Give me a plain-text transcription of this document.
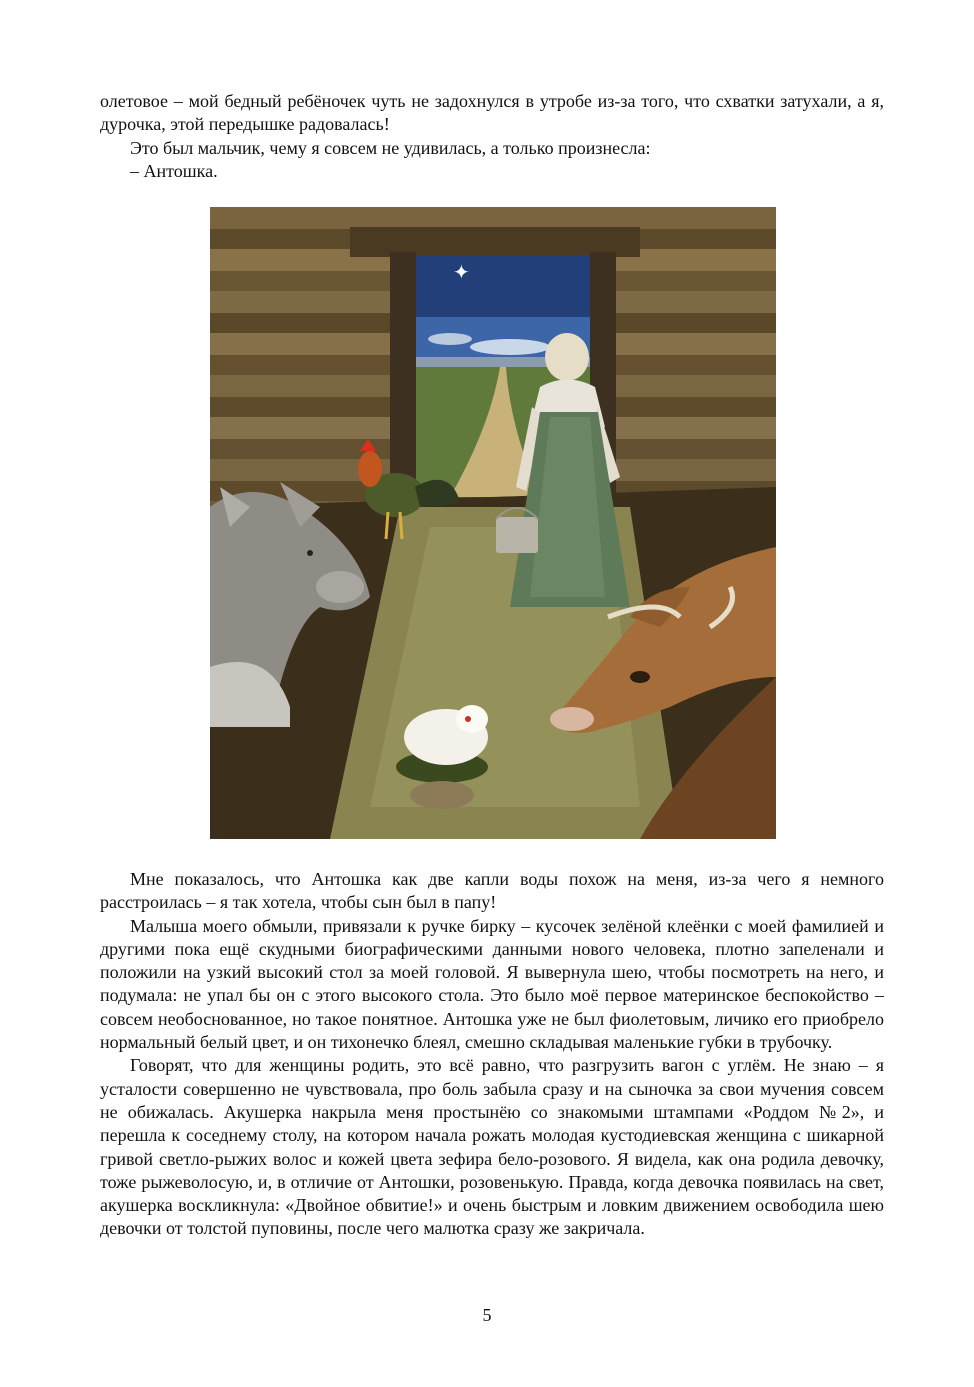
олетовое – мой бедный ребёночек чуть не задохнулся в утробе из-за того, что схватки затухали, а я, дурочка, этой передышке радовалась!

Это был мальчик, чему я совсем не удивилась, а только произнесла:

– Антошка.

✦

Мне показалось, что Антошка как две капли воды похож на меня, из-за чего я немного расстроилась – я так хотела, чтобы сын был в папу!

Малыша моего обмыли, привязали к ручке бирку – кусочек зелёной клеёнки с моей фамилией и другими пока ещё скудными биографическими данными нового человека, плотно запеленали и положили на узкий высокий стол за моей головой. Я вывернула шею, чтобы посмотреть на него, и подумала: не упал бы он с этого высокого стола. Это было моё первое материнское беспокойство – совсем необоснованное, но такое понятное. Антошка уже не был фиолетовым, личико его приобрело нормальный белый цвет, и он тихонечко блеял, смешно складывая маленькие губки в трубочку.

Говорят, что для женщины родить, это всё равно, что разгрузить вагон с углём. Не знаю – я усталости совершенно не чувствовала, про боль забыла сразу и на сыночка за свои мучения совсем не обижалась. Акушерка накрыла меня простынёю со знакомыми штампами «Роддом №2», и перешла к соседнему столу, на котором начала рожать молодая кустодиевская женщина с шикарной гривой светло-рыжих волос и кожей цвета зефира бело-розового. Я видела, как она родила девочку, тоже рыжеволосую, и, в отличие от Антошки, розовенькую. Правда, когда девочка появилась на свет, акушерка воскликнула: «Двойное обвитие!» и очень быстрым и ловким движением освободила шею девочки от толстой пуповины, после чего малютка сразу же закричала.

5
